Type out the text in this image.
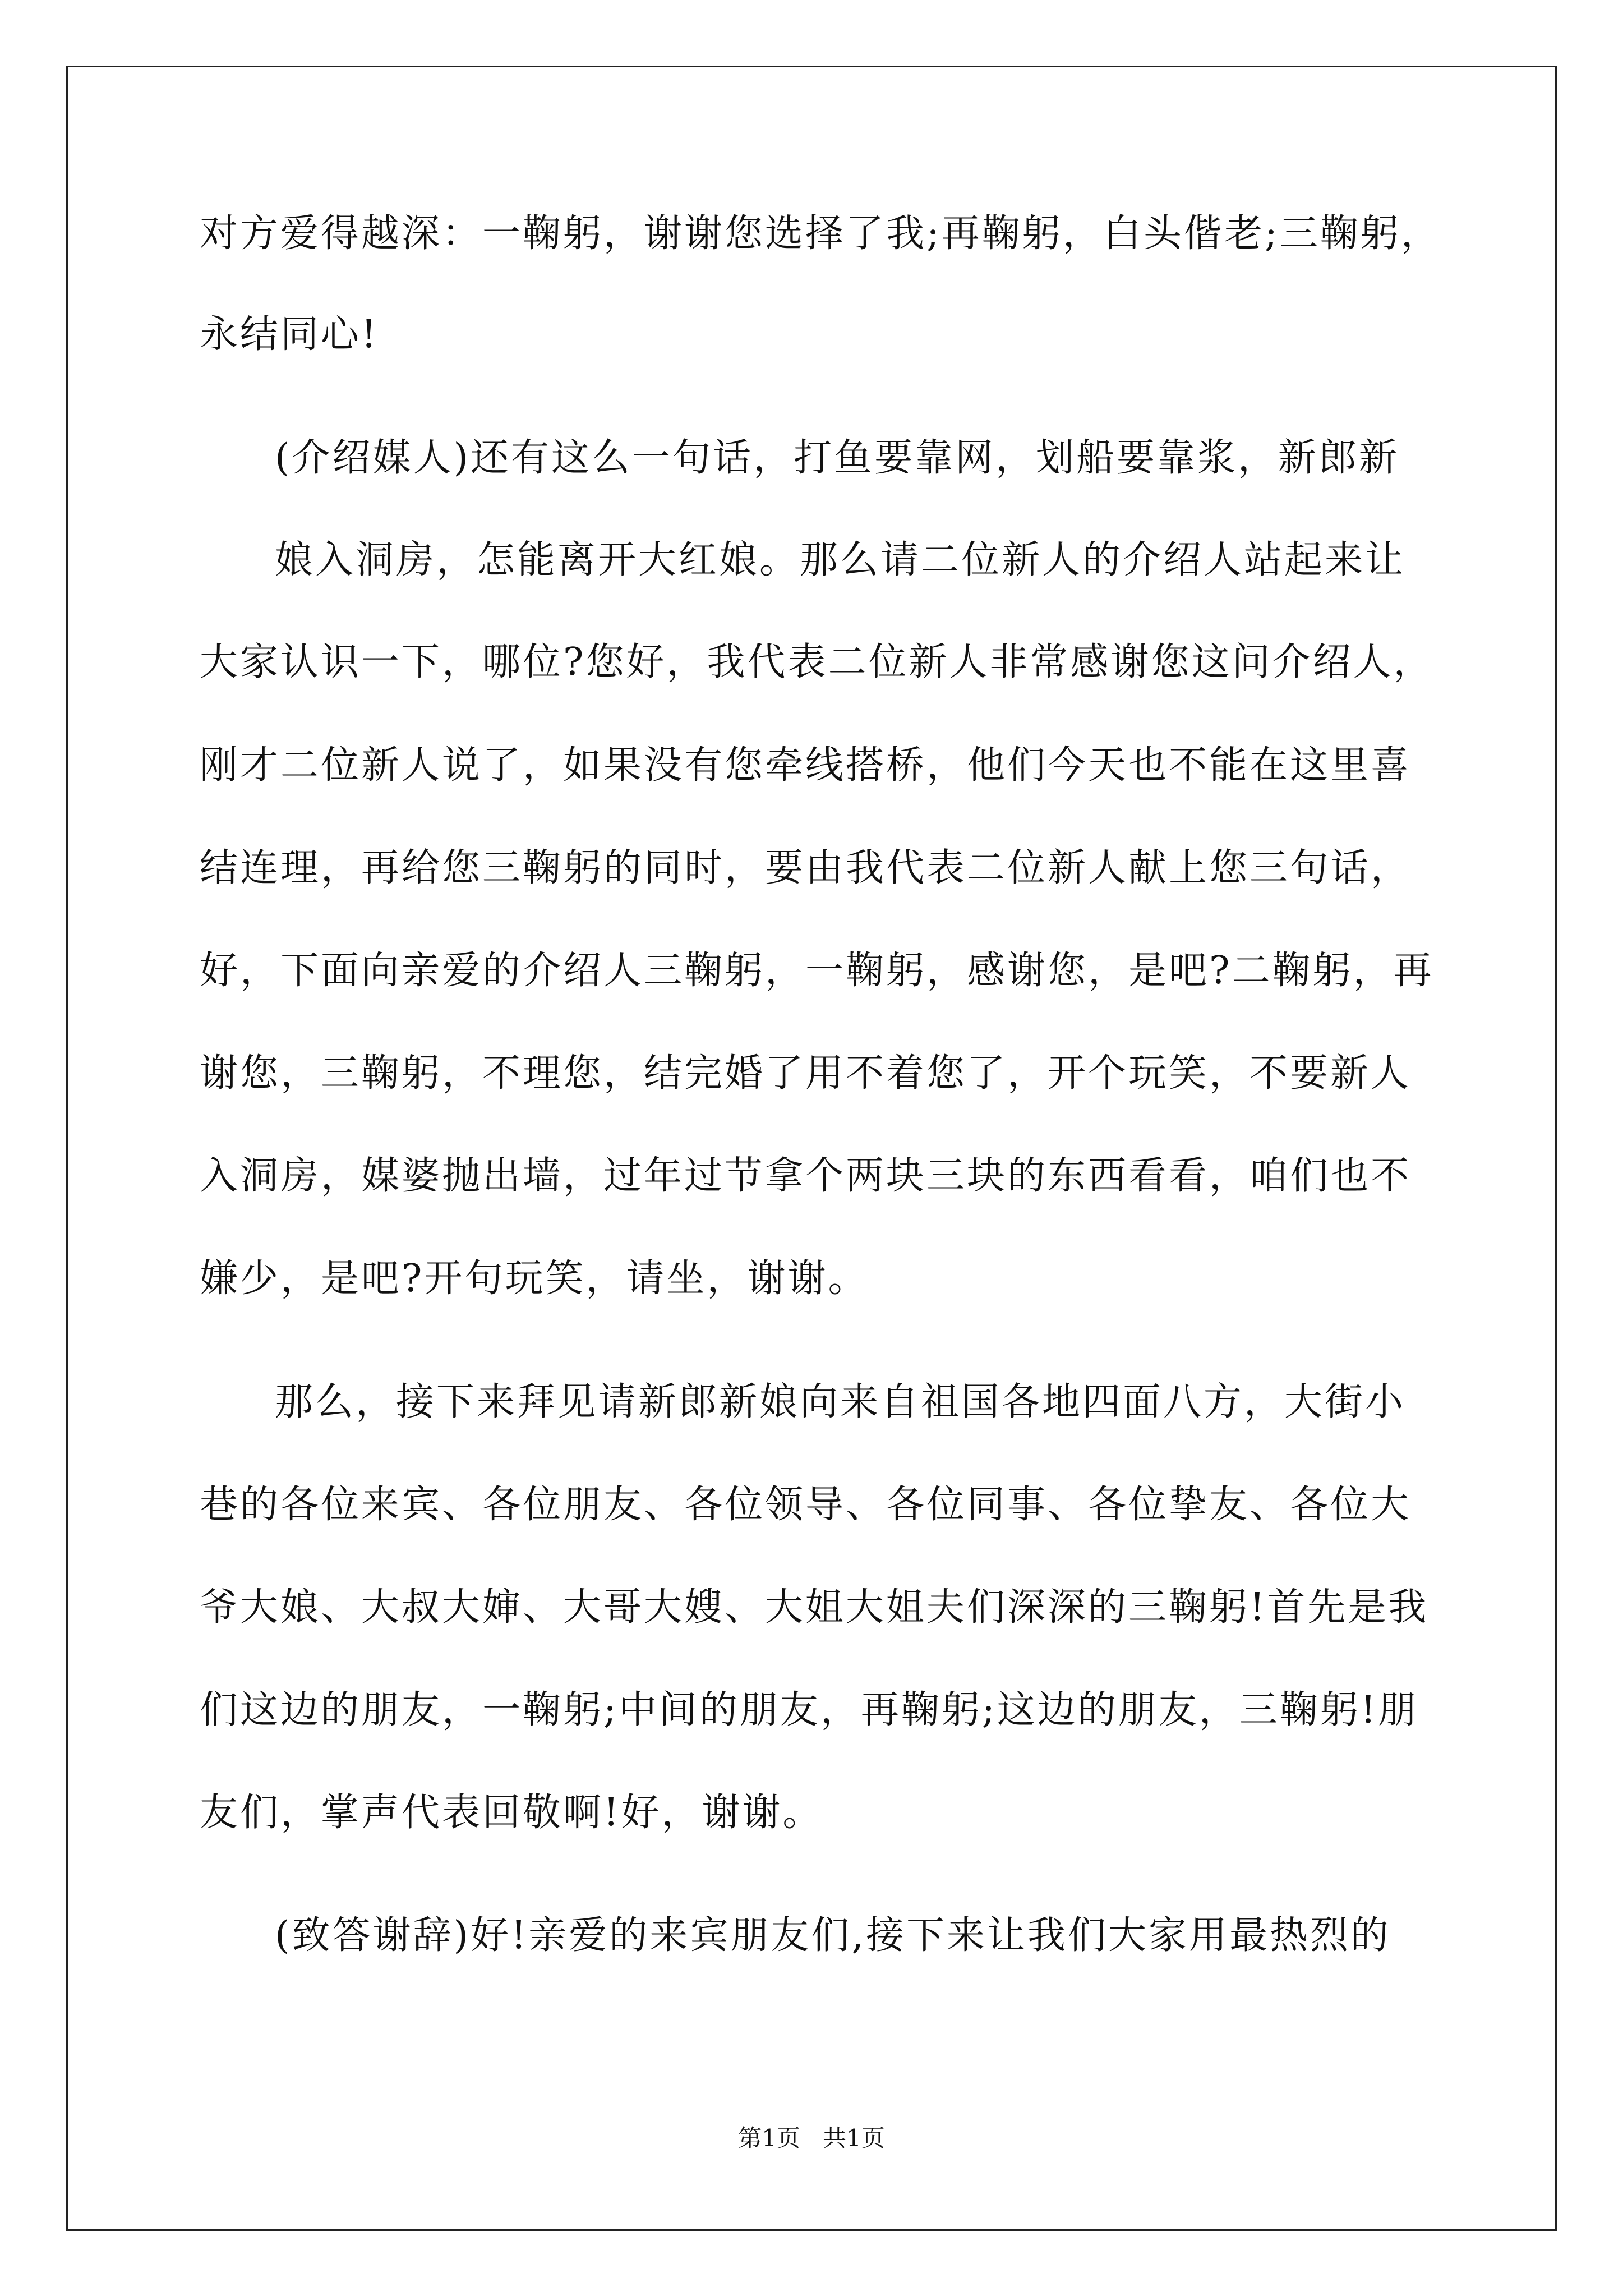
对方爱得越深：一鞠躬，谢谢您选择了我;再鞠躬，白头偕老;三鞠躬，
永结同心!
(介绍媒人)还有这么一句话，打鱼要靠网，划船要靠浆，新郎新
娘入洞房，怎能离开大红娘。那么请二位新人的介绍人站起来让
大家认识一下，哪位?您好，我代表二位新人非常感谢您这问介绍人，
刚才二位新人说了，如果没有您牵线搭桥，他们今天也不能在这里喜
结连理，再给您三鞠躬的同时，要由我代表二位新人献上您三句话，
好，下面向亲爱的介绍人三鞠躬，一鞠躬，感谢您，是吧?二鞠躬，再
谢您，三鞠躬，不理您，结完婚了用不着您了，开个玩笑，不要新人
入洞房，媒婆抛出墙，过年过节拿个两块三块的东西看看，咱们也不
嫌少，是吧?开句玩笑，请坐，谢谢。
那么，接下来拜见请新郎新娘向来自祖国各地四面八方，大街小
巷的各位来宾、各位朋友、各位领导、各位同事、各位挚友、各位大
爷大娘、大叔大婶、大哥大嫂、大姐大姐夫们深深的三鞠躬!首先是我
们这边的朋友，一鞠躬;中间的朋友，再鞠躬;这边的朋友，三鞠躬!朋
友们，掌声代表回敬啊!好，谢谢。
(致答谢辞)好!亲爱的来宾朋友们,接下来让我们大家用最热烈的
第1页   共1页
